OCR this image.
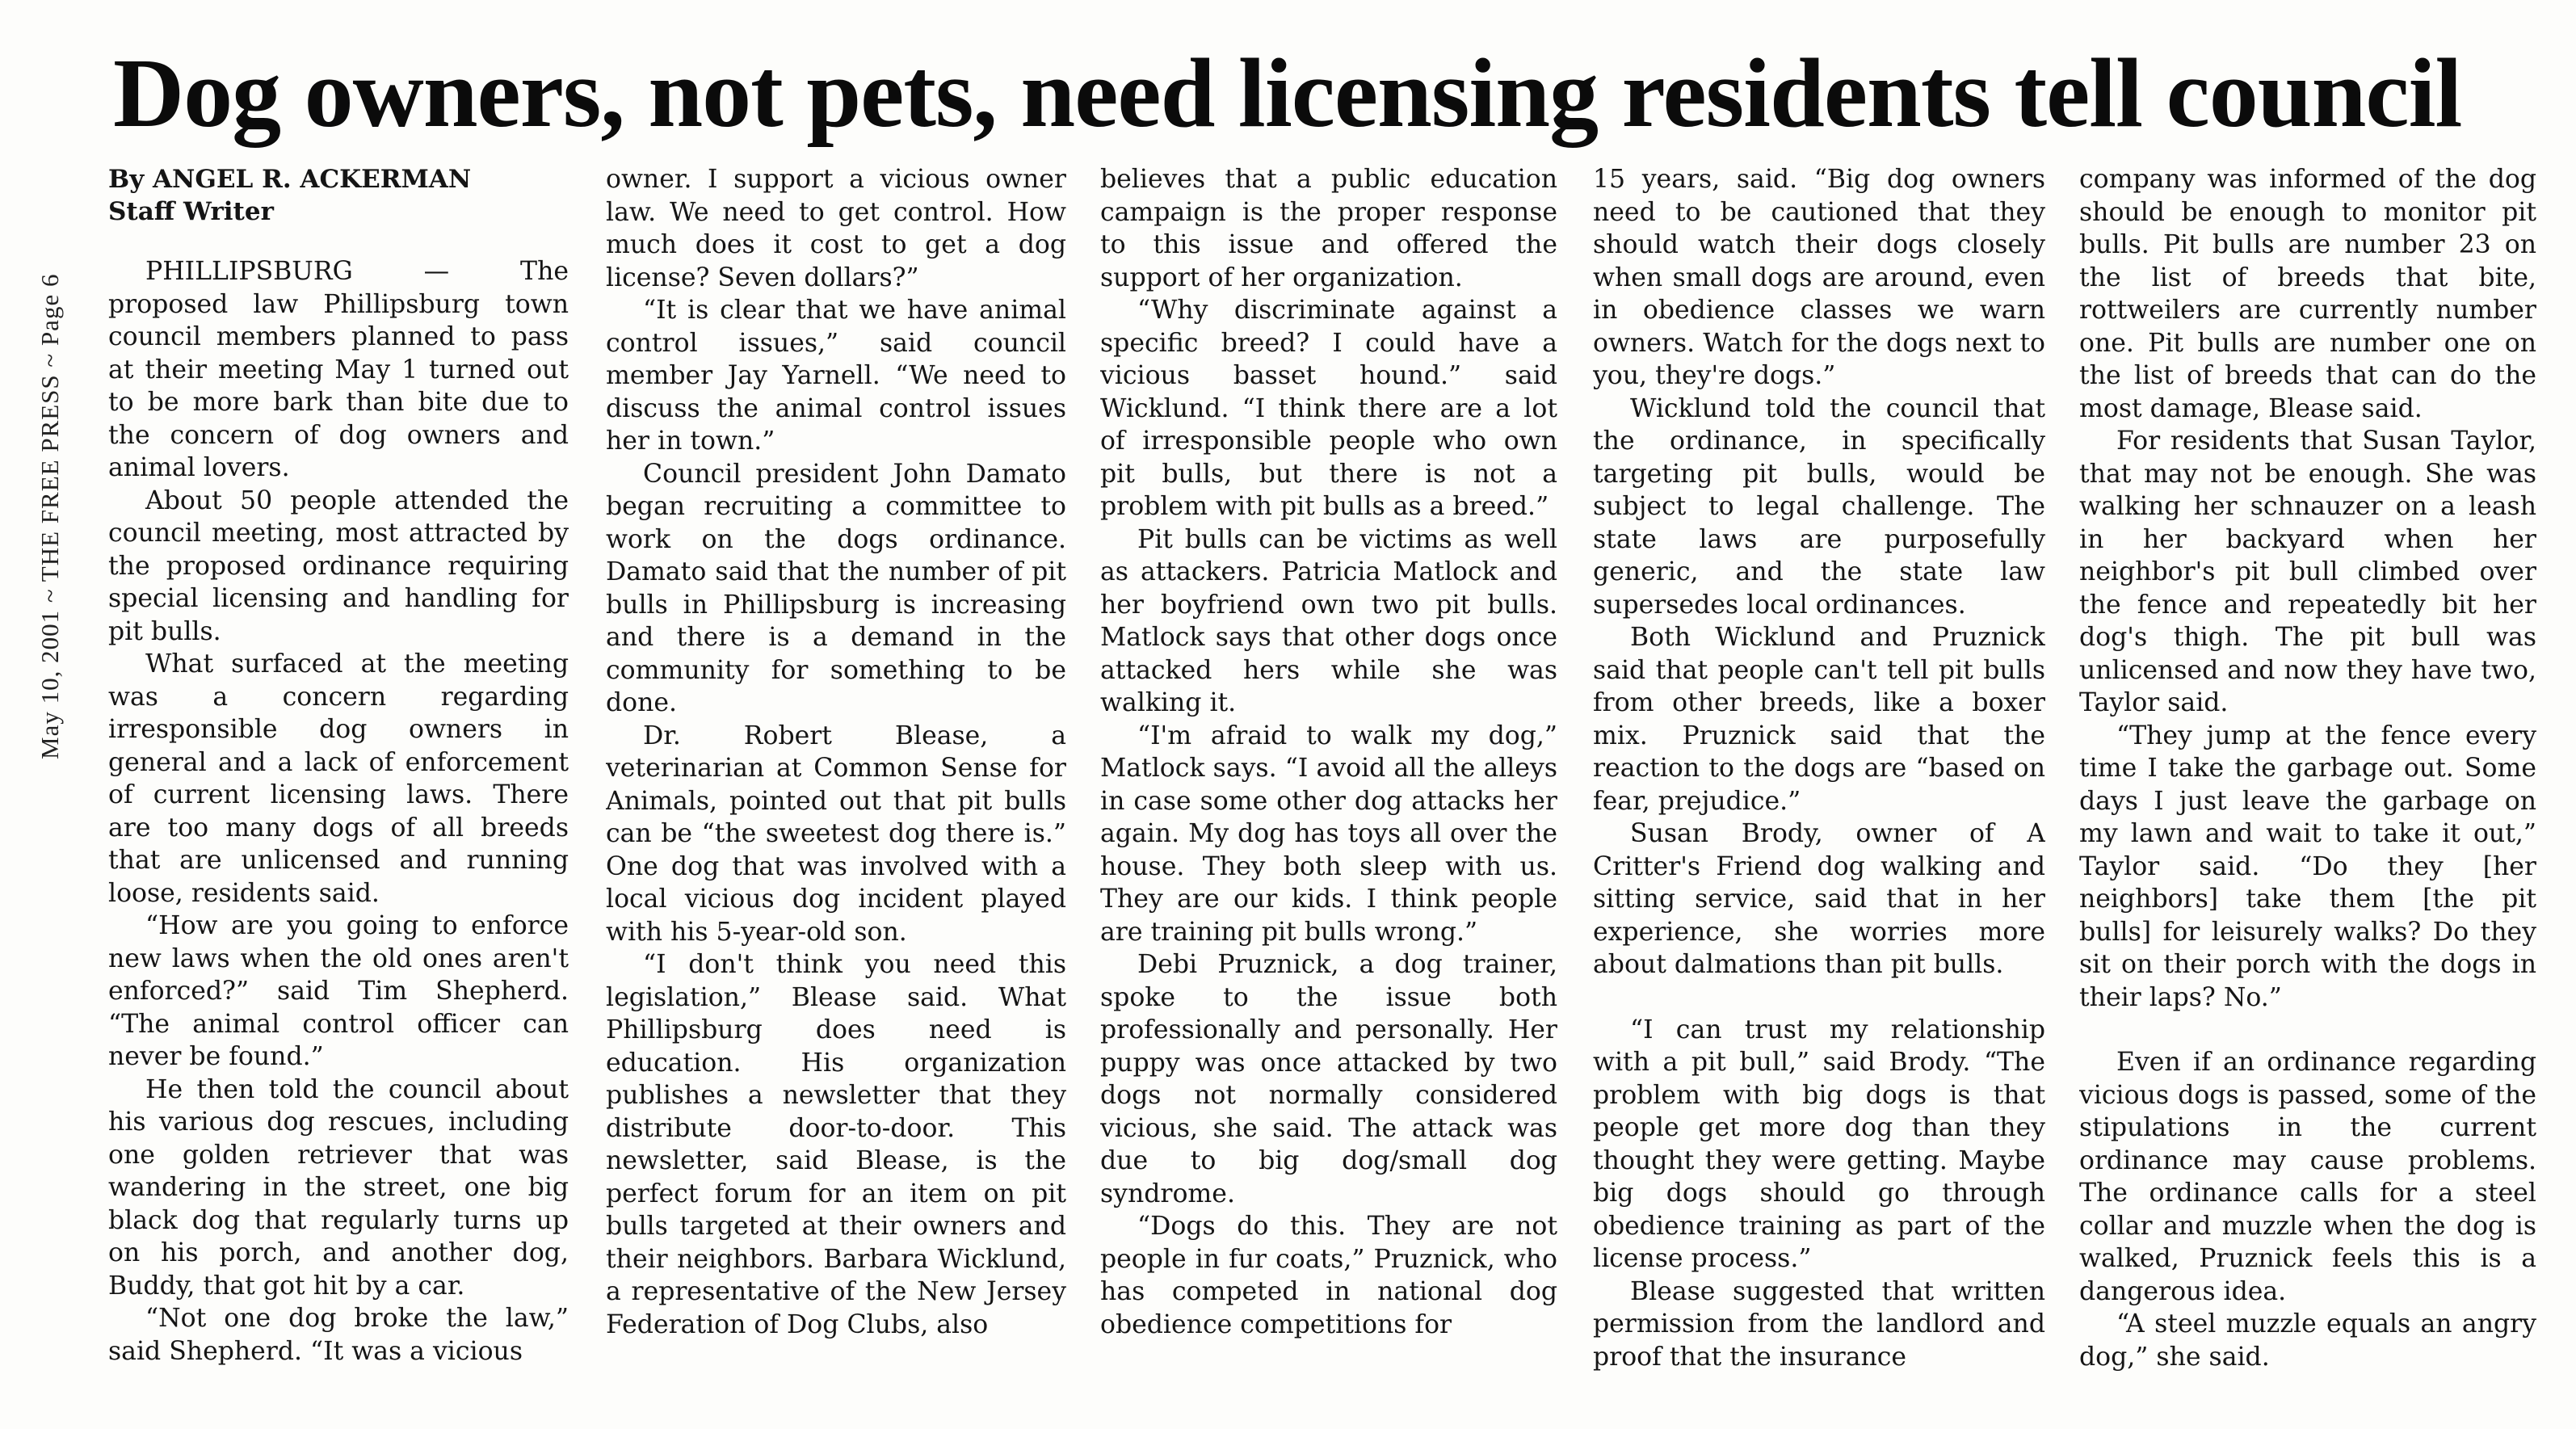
May 10, 2001 ~ THE FREE PRESS ~ Page 6
Dog owners, not pets, need licensing residents tell council
By ANGEL R. ACKERMAN
Staff Writer

PHILLIPSBURG — The proposed law Phillipsburg town council members planned to pass at their meeting May 1 turned out to be more bark than bite due to the concern of dog owners and animal lovers.

About 50 people attended the council meeting, most attracted by the proposed ordinance requiring special licensing and handling for pit bulls.

What surfaced at the meeting was a concern regarding irresponsible dog owners in general and a lack of enforcement of current licensing laws. There are too many dogs of all breeds that are unlicensed and running loose, residents said.

“How are you going to enforce new laws when the old ones aren't enforced?” said Tim Shepherd. “The animal control officer can never be found.”

He then told the council about his various dog rescues, including one golden retriever that was wandering in the street, one big black dog that regularly turns up on his porch, and another dog, Buddy, that got hit by a car.

“Not one dog broke the law,” said Shepherd. “It was a vicious

owner. I support a vicious owner law. We need to get control. How much does it cost to get a dog license? Seven dollars?”

“It is clear that we have animal control issues,” said council member Jay Yarnell. “We need to discuss the animal control issues her in town.”

Council president John Damato began recruiting a committee to work on the dogs ordinance. Damato said that the number of pit bulls in Phillipsburg is increasing and there is a demand in the community for something to be done.

Dr. Robert Blease, a veterinarian at Common Sense for Animals, pointed out that pit bulls can be “the sweetest dog there is.” One dog that was involved with a local vicious dog incident played with his 5-year-old son.

“I don't think you need this legislation,” Blease said. What Phillipsburg does need is education. His organization publishes a newsletter that they distribute door-to-door. This newsletter, said Blease, is the perfect forum for an item on pit bulls targeted at their owners and their neighbors. Barbara Wicklund, a representative of the New Jersey Federation of Dog Clubs, also

believes that a public education campaign is the proper response to this issue and offered the support of her organization.

“Why discriminate against a specific breed? I could have a vicious basset hound.” said Wicklund. “I think there are a lot of irresponsible people who own pit bulls, but there is not a problem with pit bulls as a breed.”

Pit bulls can be victims as well as attackers. Patricia Matlock and her boyfriend own two pit bulls. Matlock says that other dogs once attacked hers while she was walking it.

“I'm afraid to walk my dog,” Matlock says. “I avoid all the alleys in case some other dog attacks her again. My dog has toys all over the house. They both sleep with us. They are our kids. I think people are training pit bulls wrong.”

Debi Pruznick, a dog trainer, spoke to the issue both professionally and personally. Her puppy was once attacked by two dogs not normally considered vicious, she said. The attack was due to big dog/small dog syndrome.

“Dogs do this. They are not people in fur coats,” Pruznick, who has competed in national dog obedience competitions for

15 years, said. “Big dog owners need to be cautioned that they should watch their dogs closely when small dogs are around, even in obedience classes we warn owners. Watch for the dogs next to you, they're dogs.”

Wicklund told the council that the ordinance, in specifically targeting pit bulls, would be subject to legal challenge. The state laws are purposefully generic, and the state law supersedes local ordinances.

Both Wicklund and Pruznick said that people can't tell pit bulls from other breeds, like a boxer mix. Pruznick said that the reaction to the dogs are “based on fear, prejudice.”

Susan Brody, owner of A Critter's Friend dog walking and sitting service, said that in her experience, she worries more about dalmations than pit bulls.

“I can trust my relationship with a pit bull,” said Brody. “The problem with big dogs is that people get more dog than they thought they were getting. Maybe big dogs should go through obedience training as part of the license process.”

Blease suggested that written permission from the landlord and proof that the insurance

company was informed of the dog should be enough to monitor pit bulls. Pit bulls are number 23 on the list of breeds that bite, rottweilers are currently number one. Pit bulls are number one on the list of breeds that can do the most damage, Blease said.

For residents that Susan Taylor, that may not be enough. She was walking her schnauzer on a leash in her backyard when her neighbor's pit bull climbed over the fence and repeatedly bit her dog's thigh. The pit bull was unlicensed and now they have two, Taylor said.

“They jump at the fence every time I take the garbage out. Some days I just leave the garbage on my lawn and wait to take it out,” Taylor said. “Do they [her neighbors] take them [the pit bulls] for leisurely walks? Do they sit on their porch with the dogs in their laps? No.”

Even if an ordinance regarding vicious dogs is passed, some of the stipulations in the current ordinance may cause problems. The ordinance calls for a steel collar and muzzle when the dog is walked, Pruznick feels this is a dangerous idea.

“A steel muzzle equals an angry dog,” she said.
